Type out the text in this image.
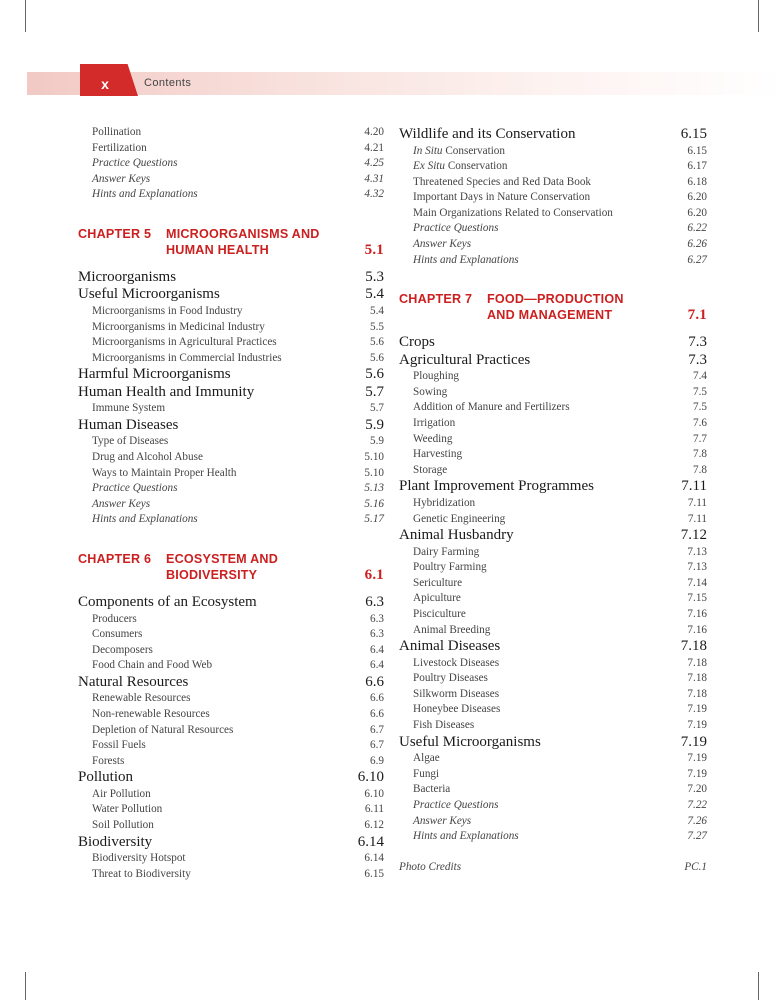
x	Contents
Pollination	4.20
Fertilization	4.21
Practice Questions	4.25
Answer Keys	4.31
Hints and Explanations	4.32
CHAPTER 5 MICROORGANISMS AND
HUMAN HEALTH	5.1
Microorganisms	5.3
Useful Microorganisms	5.4
Microorganisms in Food Industry	5.4
Microorganisms in Medicinal Industry	5.5
Microorganisms in Agricultural Practices	5.6
Microorganisms in Commercial Industries	5.6
Harmful Microorganisms	5.6
Human Health and Immunity	5.7
Immune System	5.7
Human Diseases	5.9
Type of Diseases	5.9
Drug and Alcohol Abuse	5.10
Ways to Maintain Proper Health	5.10
Practice Questions	5.13
Answer Keys	5.16
Hints and Explanations	5.17
CHAPTER 6 ECOSYSTEM AND
BIODIVERSITY	6.1
Components of an Ecosystem	6.3
Producers	6.3
Consumers	6.3
Decomposers	6.4
Food Chain and Food Web	6.4
Natural Resources	6.6
Renewable Resources	6.6
Non-renewable Resources	6.6
Depletion of Natural Resources	6.7
Fossil Fuels	6.7
Forests	6.9
Pollution	6.10
Air Pollution	6.10
Water Pollution	6.11
Soil Pollution	6.12
Biodiversity	6.14
Biodiversity Hotspot	6.14
Threat to Biodiversity	6.15
Wildlife and its Conservation	6.15
In Situ Conservation	6.15
Ex Situ Conservation	6.17
Threatened Species and Red Data Book	6.18
Important Days in Nature Conservation	6.20
Main Organizations Related to Conservation	6.20
Practice Questions	6.22
Answer Keys	6.26
Hints and Explanations	6.27
CHAPTER 7 FOOD—PRODUCTION
AND MANAGEMENT	7.1
Crops	7.3
Agricultural Practices	7.3
Ploughing	7.4
Sowing	7.5
Addition of Manure and Fertilizers	7.5
Irrigation	7.6
Weeding	7.7
Harvesting	7.8
Storage	7.8
Plant Improvement Programmes	7.11
Hybridization	7.11
Genetic Engineering	7.11
Animal Husbandry	7.12
Dairy Farming	7.13
Poultry Farming	7.13
Sericulture	7.14
Apiculture	7.15
Pisciculture	7.16
Animal Breeding	7.16
Animal Diseases	7.18
Livestock Diseases	7.18
Poultry Diseases	7.18
Silkworm Diseases	7.18
Honeybee Diseases	7.19
Fish Diseases	7.19
Useful Microorganisms	7.19
Algae	7.19
Fungi	7.19
Bacteria	7.20
Practice Questions	7.22
Answer Keys	7.26
Hints and Explanations	7.27
Photo Credits	PC.1
